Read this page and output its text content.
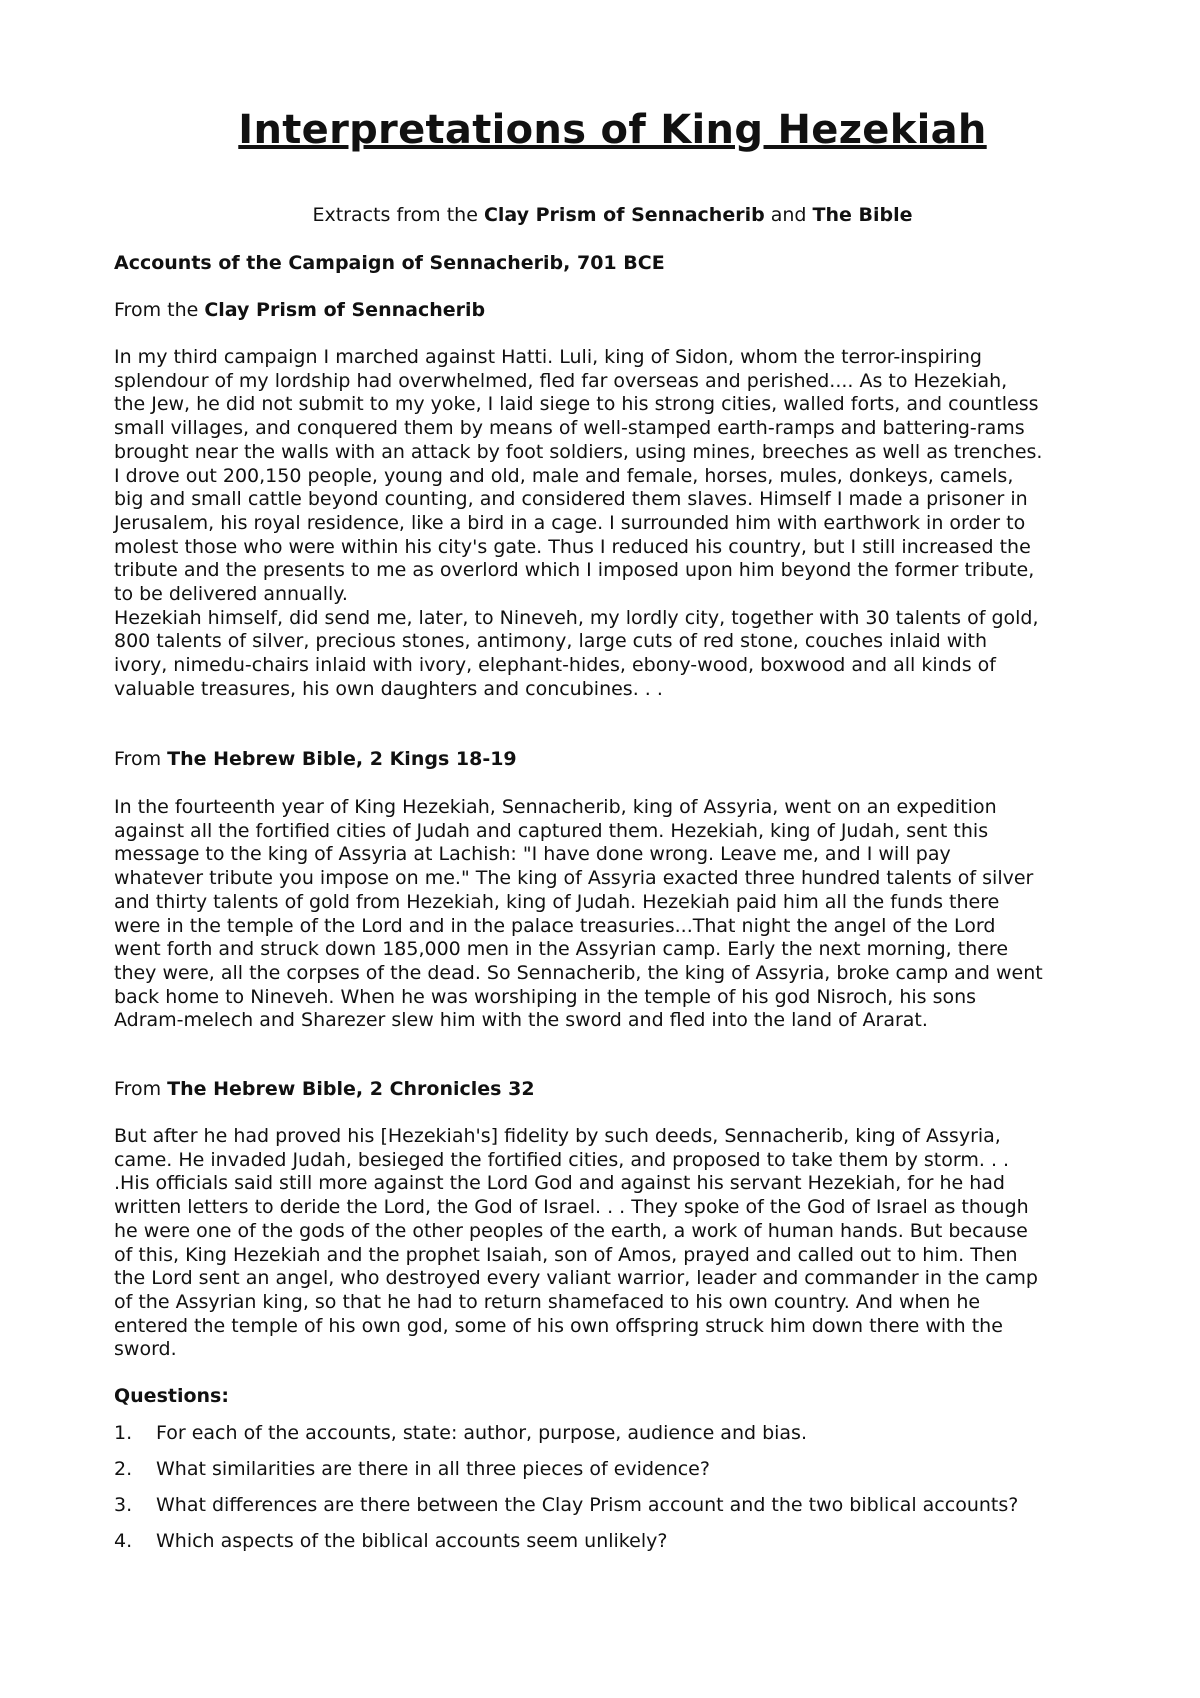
Interpretations of King Hezekiah
Extracts from the Clay Prism of Sennacherib and The Bible
Accounts of the Campaign of Sennacherib, 701 BCE
From the Clay Prism of Sennacherib
In my third campaign I marched against Hatti. Luli, king of Sidon, whom the terror-inspiring
splendour of my lordship had overwhelmed, fled far overseas and perished.... As to Hezekiah,
the Jew, he did not submit to my yoke, I laid siege to his strong cities, walled forts, and countless
small villages, and conquered them by means of well-stamped earth-ramps and battering-rams
brought near the walls with an attack by foot soldiers, using mines, breeches as well as trenches.
I drove out 200,150 people, young and old, male and female, horses, mules, donkeys, camels,
big and small cattle beyond counting, and considered them slaves. Himself I made a prisoner in
Jerusalem, his royal residence, like a bird in a cage. I surrounded him with earthwork in order to
molest those who were within his city's gate. Thus I reduced his country, but I still increased the
tribute and the presents to me as overlord which I imposed upon him beyond the former tribute,
to be delivered annually.
Hezekiah himself, did send me, later, to Nineveh, my lordly city, together with 30 talents of gold,
800 talents of silver, precious stones, antimony, large cuts of red stone, couches inlaid with
ivory, nimedu-chairs inlaid with ivory, elephant-hides, ebony-wood, boxwood and all kinds of
valuable treasures, his own daughters and concubines. . .
From The Hebrew Bible, 2 Kings 18-19
In the fourteenth year of King Hezekiah, Sennacherib, king of Assyria, went on an expedition
against all the fortified cities of Judah and captured them. Hezekiah, king of Judah, sent this
message to the king of Assyria at Lachish: "I have done wrong. Leave me, and I will pay
whatever tribute you impose on me." The king of Assyria exacted three hundred talents of silver
and thirty talents of gold from Hezekiah, king of Judah. Hezekiah paid him all the funds there
were in the temple of the Lord and in the palace treasuries...That night the angel of the Lord
went forth and struck down 185,000 men in the Assyrian camp. Early the next morning, there
they were, all the corpses of the dead. So Sennacherib, the king of Assyria, broke camp and went
back home to Nineveh. When he was worshiping in the temple of his god Nisroch, his sons
Adram-melech and Sharezer slew him with the sword and fled into the land of Ararat.
From The Hebrew Bible, 2 Chronicles 32
But after he had proved his [Hezekiah's] fidelity by such deeds, Sennacherib, king of Assyria,
came. He invaded Judah, besieged the fortified cities, and proposed to take them by storm. . .
.His officials said still more against the Lord God and against his servant Hezekiah, for he had
written letters to deride the Lord, the God of Israel. . . They spoke of the God of Israel as though
he were one of the gods of the other peoples of the earth, a work of human hands. But because
of this, King Hezekiah and the prophet Isaiah, son of Amos, prayed and called out to him. Then
the Lord sent an angel, who destroyed every valiant warrior, leader and commander in the camp
of the Assyrian king, so that he had to return shamefaced to his own country. And when he
entered the temple of his own god, some of his own offspring struck him down there with the
sword.
Questions:
1. For each of the accounts, state: author, purpose, audience and bias.
2. What similarities are there in all three pieces of evidence?
3. What differences are there between the Clay Prism account and the two biblical accounts?
4. Which aspects of the biblical accounts seem unlikely?
